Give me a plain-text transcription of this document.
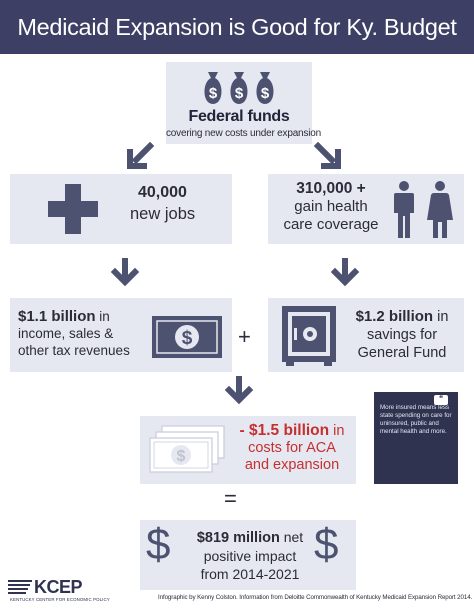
Medicaid Expansion is Good for Ky. Budget
$ $ $
Federal funds
covering new costs under expansion
40,000
new jobs
310,000 +
gain health
care coverage
$1.1 billion in
income, sales &
other tax revenues
$ +
$1.2 billion in
savings for
General Fund
$
- $1.5 billion in
costs for ACA
and expansion
=
$	$819 million net
positive impact
from 2014-2021
$
❝
More insured means less state spending on care for uninsured, public and mental health and more.
KCEP
KENTUCKY CENTER FOR ECONOMIC POLICY	Infographic by Kenny Colston. Information from Deloitte Commonwealth of Kentucky Medicaid Expansion Report 2014.
